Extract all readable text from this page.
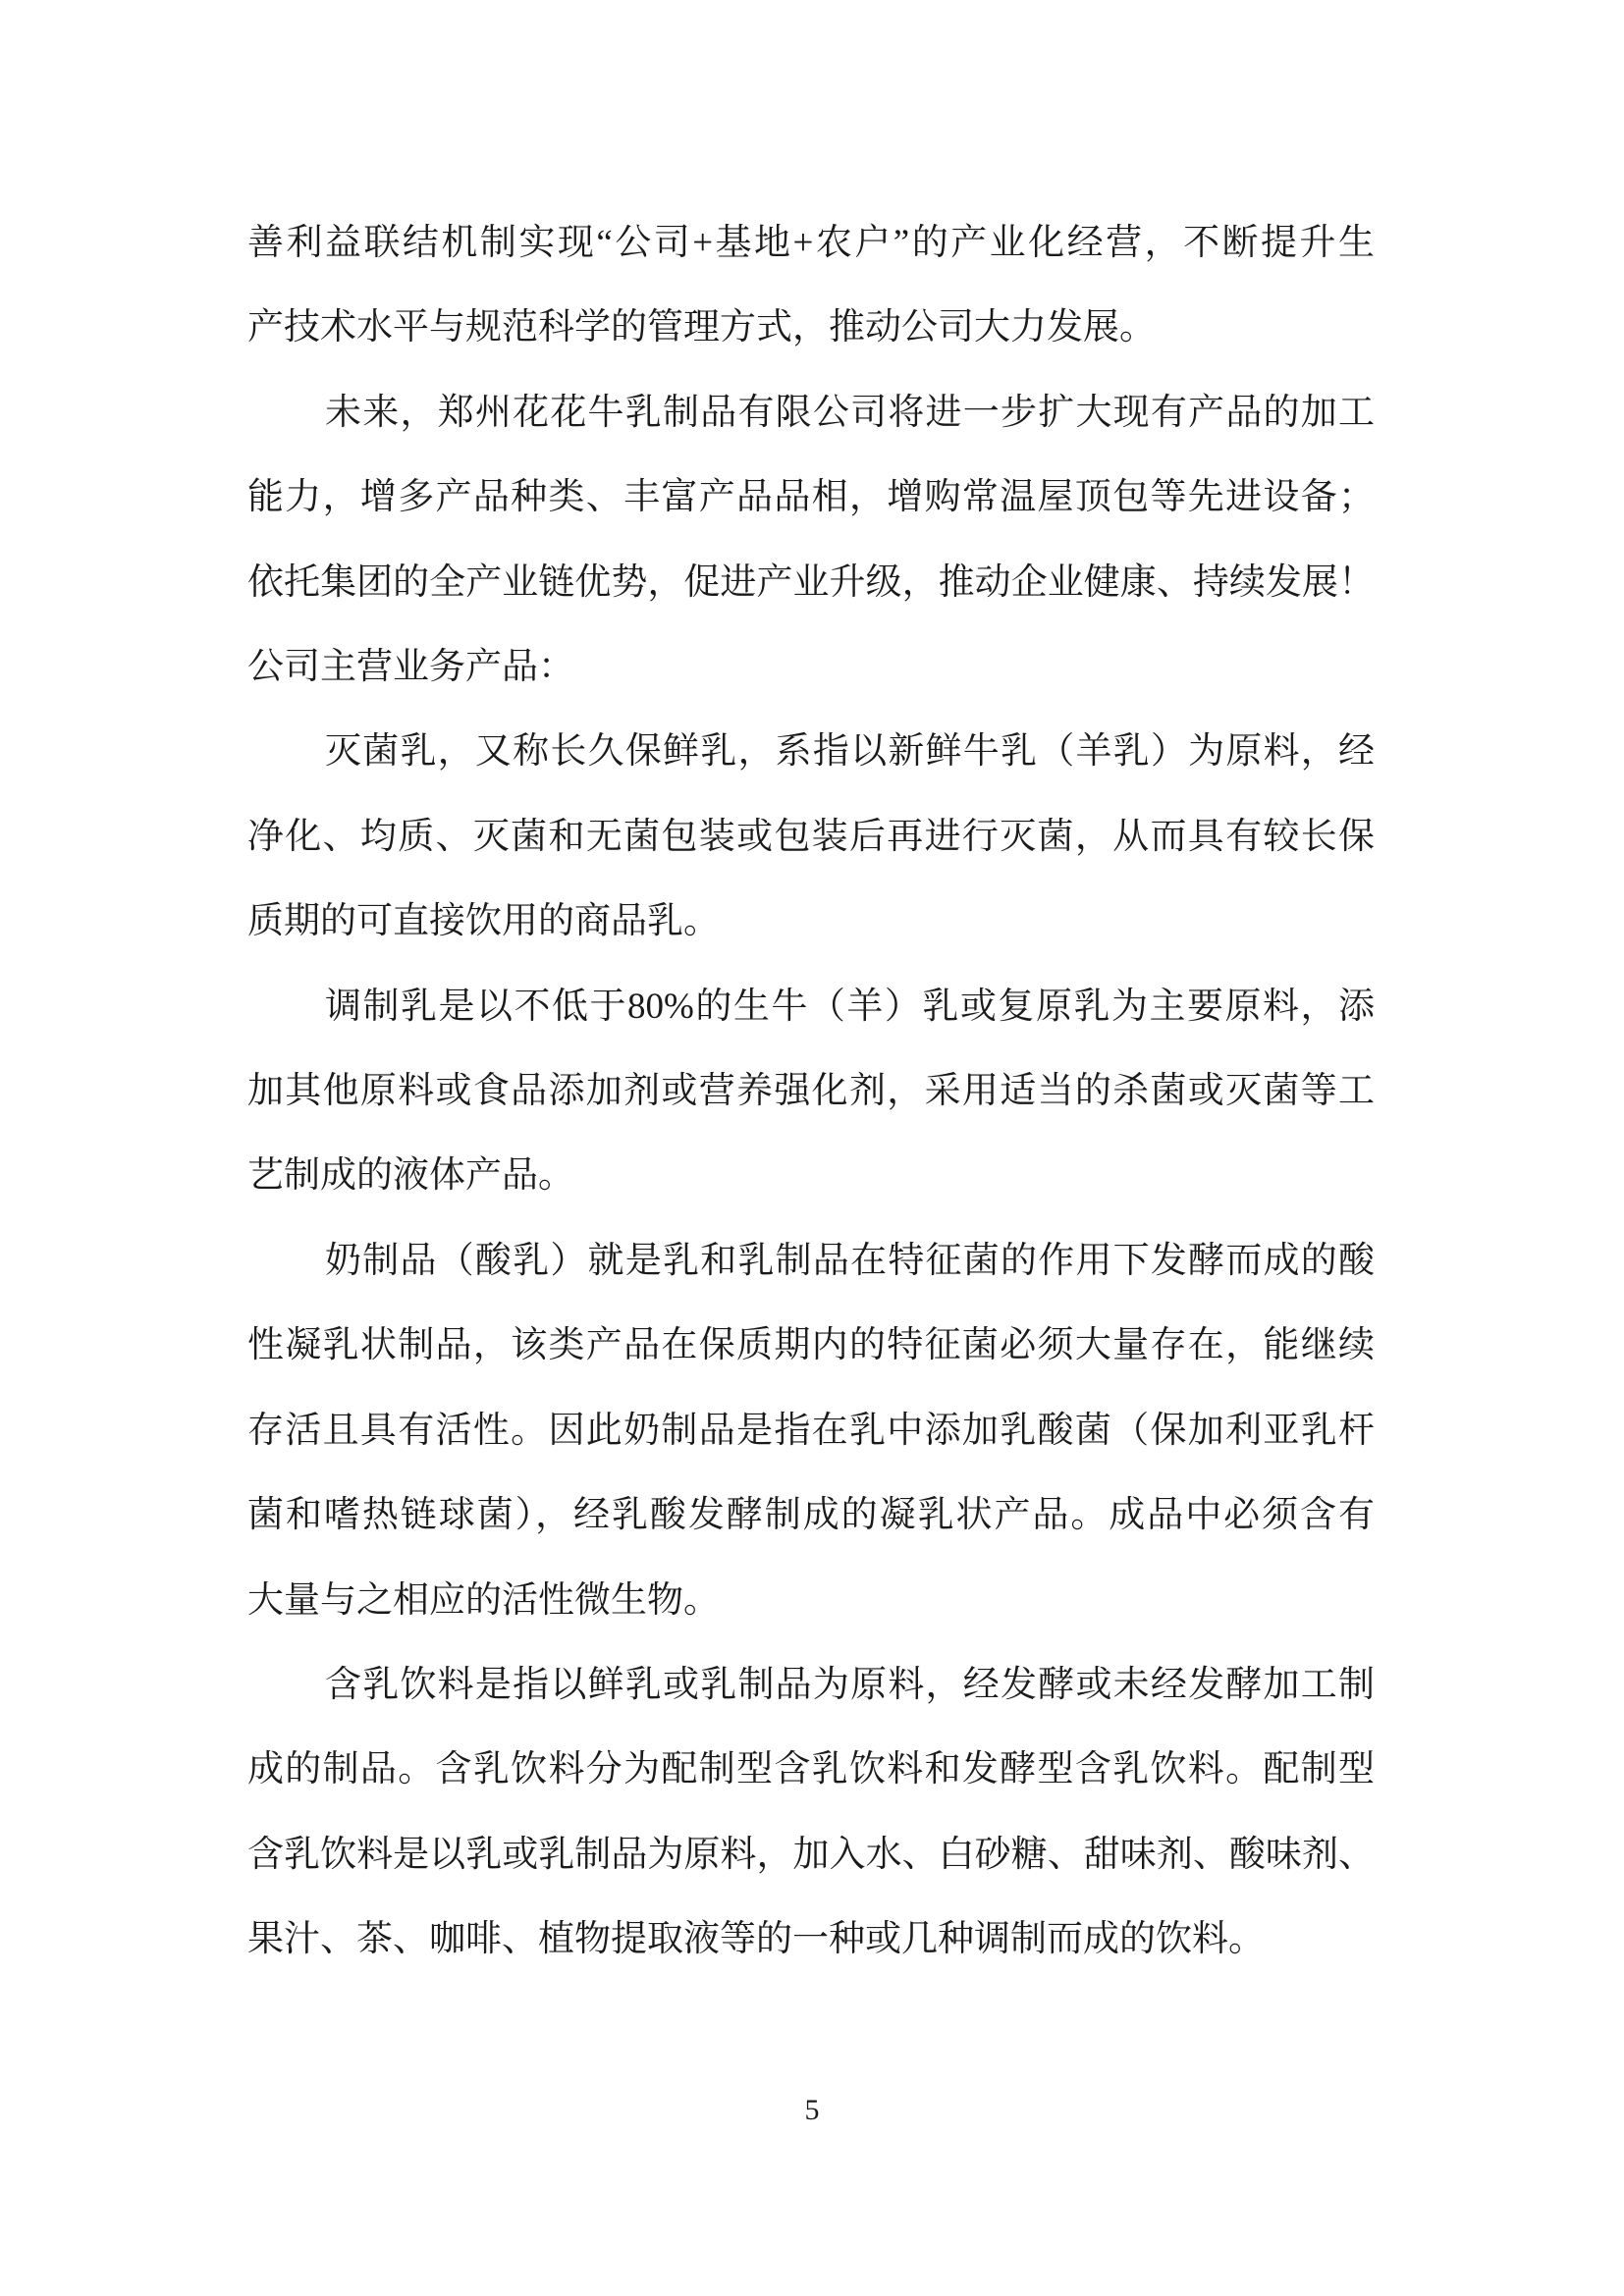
善利益联结机制实现“公司+基地+农户”的产业化经营，不断提升生
产技术水平与规范科学的管理方式，推动公司大力发展。
未来，郑州花花牛乳制品有限公司将进一步扩大现有产品的加工
能力，增多产品种类、丰富产品品相，增购常温屋顶包等先进设备；
依托集团的全产业链优势，促进产业升级，推动企业健康、持续发展！
公司主营业务产品：
灭菌乳，又称长久保鲜乳，系指以新鲜牛乳（羊乳）为原料，经
净化、均质、灭菌和无菌包装或包装后再进行灭菌，从而具有较长保
质期的可直接饮用的商品乳。
调制乳是以不低于80%的生牛（羊）乳或复原乳为主要原料，添
加其他原料或食品添加剂或营养强化剂，采用适当的杀菌或灭菌等工
艺制成的液体产品。
奶制品（酸乳）就是乳和乳制品在特征菌的作用下发酵而成的酸
性凝乳状制品，该类产品在保质期内的特征菌必须大量存在，能继续
存活且具有活性。因此奶制品是指在乳中添加乳酸菌（保加利亚乳杆
菌和嗜热链球菌），经乳酸发酵制成的凝乳状产品。成品中必须含有
大量与之相应的活性微生物。
含乳饮料是指以鲜乳或乳制品为原料，经发酵或未经发酵加工制
成的制品。含乳饮料分为配制型含乳饮料和发酵型含乳饮料。配制型
含乳饮料是以乳或乳制品为原料，加入水、白砂糖、甜味剂、酸味剂、
果汁、茶、咖啡、植物提取液等的一种或几种调制而成的饮料。
5
